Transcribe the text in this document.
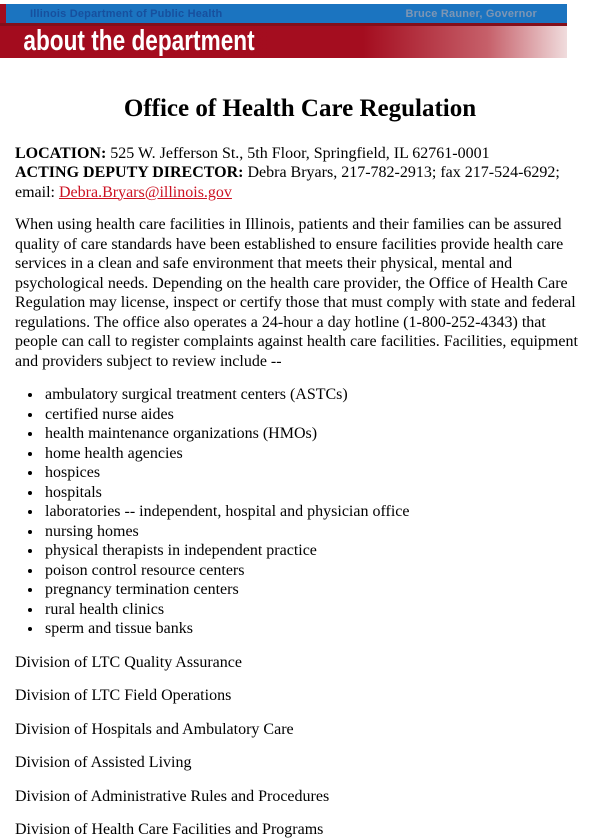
Illinois Department of Public Health	Bruce Rauner, Governor
about the department
Office of Health Care Regulation
LOCATION: 525 W. Jefferson St., 5th Floor, Springfield, IL 62761-0001
ACTING DEPUTY DIRECTOR: Debra Bryars, 217-782-2913; fax 217-524-6292;
email: Debra.Bryars@illinois.gov

When using health care facilities in Illinois, patients and their families can be assured quality of care standards have been established to ensure facilities provide health care services in a clean and safe environment that meets their physical, mental and psychological needs. Depending on the health care provider, the Office of Health Care Regulation may license, inspect or certify those that must comply with state and federal regulations. The office also operates a 24-hour a day hotline (1-800-252-4343) that people can call to register complaints against health care facilities. Facilities, equipment and providers subject to review include --

• ambulatory surgical treatment centers (ASTCs)
• certified nurse aides
• health maintenance organizations (HMOs)
• home health agencies
• hospices
• hospitals
• laboratories -- independent, hospital and physician office
• nursing homes
• physical therapists in independent practice
• poison control resource centers
• pregnancy termination centers
• rural health clinics
• sperm and tissue banks

Division of LTC Quality Assurance

Division of LTC Field Operations

Division of Hospitals and Ambulatory Care

Division of Assisted Living

Division of Administrative Rules and Procedures

Division of Health Care Facilities and Programs
